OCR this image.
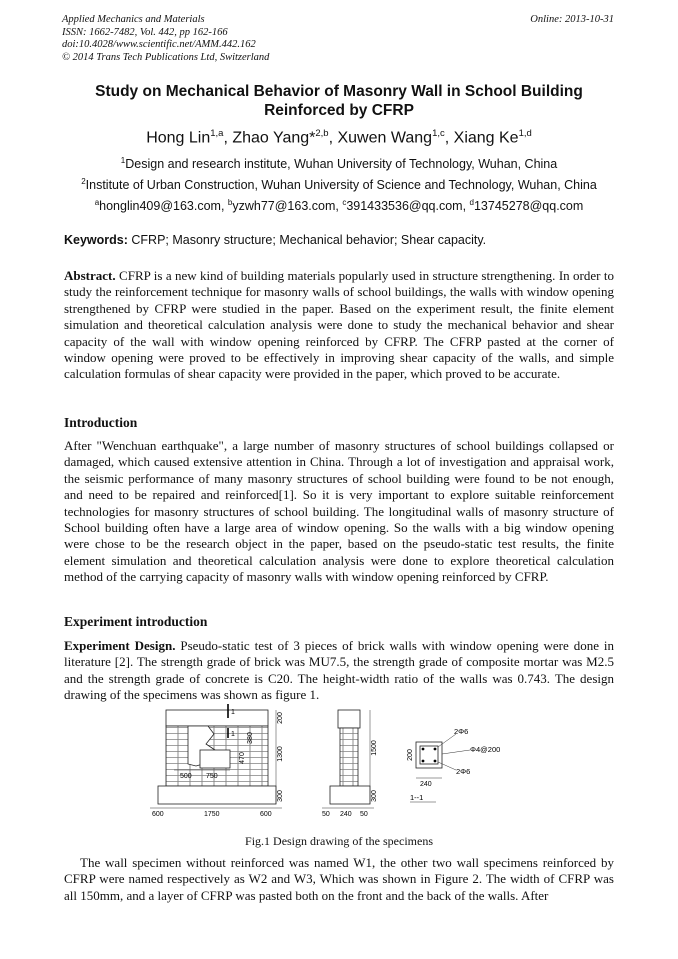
Applied Mechanics and Materials
ISSN: 1662-7482, Vol. 442, pp 162-166
doi:10.4028/www.scientific.net/AMM.442.162
© 2014 Trans Tech Publications Ltd, Switzerland
Online: 2013-10-31
Study on Mechanical Behavior of Masonry Wall in School Building
Reinforced by CFRP
Hong Lin$^{1,a}$, Zhao Yang*$^{2,b}$, Xuwen Wang$^{1,c}$, Xiang Ke$^{1,d}$
$^1$Design and research institute, Wuhan University of Technology, Wuhan, China
$^2$Institute of Urban Construction, Wuhan University of Science and Technology, Wuhan, China
$^a$honglin409@163.com, $^b$yzwh77@163.com, $^c$391433536@qq.com, $^d$13745278@qq.com
Keywords: CFRP; Masonry structure; Mechanical behavior; Shear capacity.
Abstract. CFRP is a new kind of building materials popularly used in structure strengthening. In order to study the reinforcement technique for masonry walls of school buildings, the walls with window opening strengthened by CFRP were studied in the paper. Based on the experiment result, the finite element simulation and theoretical calculation analysis were done to study the mechanical behavior and shear capacity of the wall with window opening reinforced by CFRP. The CFRP pasted at the corner of window opening were proved to be effectively in improving shear capacity of the walls, and simple calculation formulas of shear capacity were provided in the paper, which proved to be accurate.
Introduction
After "Wenchuan earthquake", a large number of masonry structures of school buildings collapsed or damaged, which caused extensive attention in China. Through a lot of investigation and appraisal work, the seismic performance of many masonry structures of school building were found to be not enough, and need to be repaired and reinforced[1]. So it is very important to explore suitable reinforcement technologies for masonry structures of school building. The longitudinal walls of masonry structure of School building often have a large area of window opening. So the walls with a big window opening were chose to be the research object in the paper, based on the pseudo-static test results, the finite element simulation and theoretical calculation analysis were done to explore theoretical calculation method of the carrying capacity of masonry walls with window opening reinforced by CFRP.
Experiment introduction
Experiment Design. Pseudo-static test of 3 pieces of brick walls with window opening were done in literature [2]. The strength grade of brick was MU7.5, the strength grade of composite mortar was M2.5 and the strength grade of concrete is C20. The height-width ratio of the walls was 0.743. The design drawing of the specimens was shown as figure 1.
1
1
200
1300
380
470
300
500 750
600	1750	600
1500
300
50 240 50
200
2Φ6
Φ4@200
2Φ6
240
1--1
Fig.1 Design drawing of the specimens
The wall specimen without reinforced was named W1, the other two wall specimens reinforced by CFRP were named respectively as W2 and W3, Which was shown in Figure 2. The width of CFRP was all 150mm, and a layer of CFRP was pasted both on the front and the back of the walls. After
